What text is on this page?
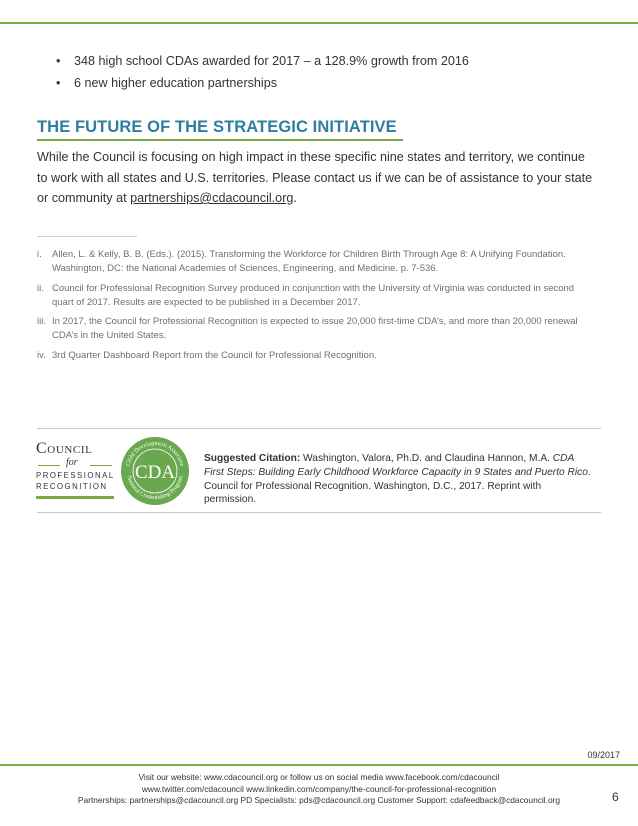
• 348 high school CDAs awarded for 2017 – a 128.9% growth from 2016
• 6 new higher education partnerships
THE FUTURE OF THE STRATEGIC INITIATIVE

While the Council is focusing on high impact in these specific nine states and territory, we continue to work with all states and U.S. territories. Please contact us if we can be of assistance to your state or community at partnerships@cdacouncil.org.

i. Allen, L. & Kelly, B. B. (Eds.). (2015). Transforming the Workforce for Children Birth Through Age 8: A Unifying Foundation. Washington, DC: the National Academies of Sciences, Engineering, and Medicine. p. 7-536.
ii. Council for Professional Recognition Survey produced in conjunction with the University of Virginia was conducted in second quart of 2017. Results are expected to be published in a December 2017.
iii. In 2017, the Council for Professional Recognition is expected to issue 20,000 first-time CDA’s, and more than 20,000 renewal CDA’s in the United States.
iv. 3rd Quarter Dashboard Report from the Council for Professional Recognition.
Council
for
PROFESSIONAL
RECOGNITION
Child Development Associate
National Credentialing Program
CDA

Suggested Citation: Washington, Valora, Ph.D. and Claudina Hannon, M.A. CDA First Steps: Building Early Childhood Workforce Capacity in 9 States and Puerto Rico. Council for Professional Recognition. Washington, D.C., 2017. Reprint with permission.

09/2017
Visit our website: www.cdacouncil.org or follow us on social media www.facebook.com/cdacouncil
www.twitter.com/cdacouncil www.linkedin.com/company/the-council-for-professional-recognition
Partnerships: partnerships@cdacouncil.org PD Specialists: pds@cdacouncil.org Customer Support: cdafeedback@cdacouncil.org	6
